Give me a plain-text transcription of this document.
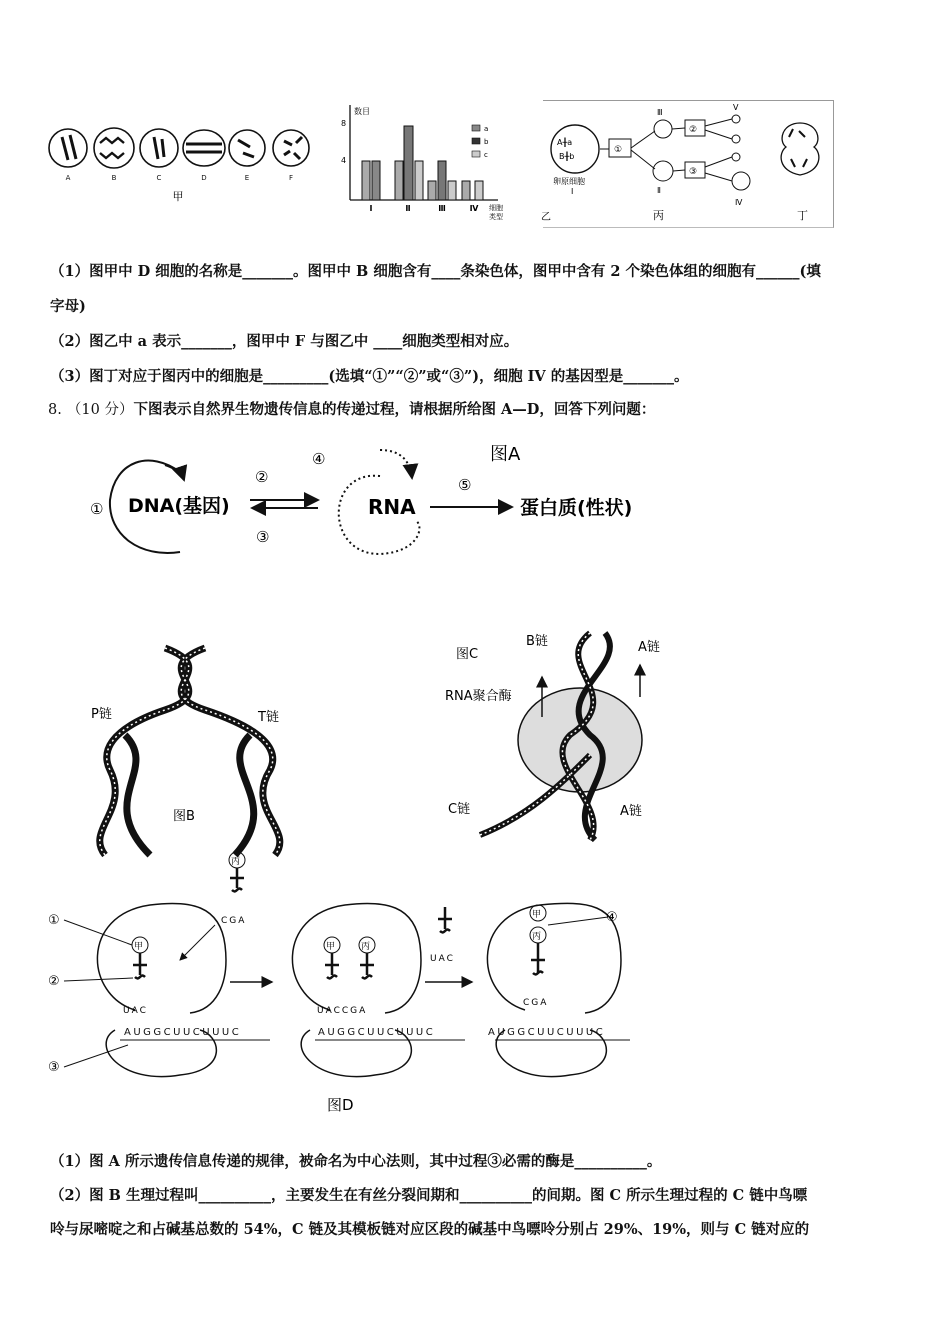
A	B	C	D	E	F
甲
数目
8
4
Ⅰ	Ⅱ	Ⅲ	Ⅳ 细胞
类型
a
b
c
乙
A╫a
B╫b
卵原细胞
Ⅰ
①
Ⅲ
Ⅱ
②
③
Ⅴ
Ⅳ
丙	丁
（1）图甲中 D 细胞的名称是_______。图甲中 B 细胞含有____条染色体，图甲中含有 2 个染色体组的细胞有______(填
字母)
（2）图乙中 a 表示_______，图甲中 F 与图乙中 ____细胞类型相对应。
（3）图丁对应于图丙中的细胞是_________(选填“①”“②”或“③”)，细胞 IV 的基因型是_______。
8. （10 分）下图表示自然界生物遗传信息的传递过程，请根据所给图 A—D，回答下列问题：
① DNA(基因)
②
③
④
RNA
⑤
蛋白质(性状)
图A
P链	T链
图B
图C
B链	A链
RNA聚合酶
C链	A链
AUGGCUUCUUUC	AUGGCUUCUUUC	AUGGCUUCUUUC
丙
CGA
甲
UAC
甲	丙
UACCGA
UAC
甲
丙
CGA
①
②
③
④
图D
（1）图 A 所示遗传信息传递的规律，被命名为中心法则，其中过程③必需的酶是__________。
（2）图 B 生理过程叫__________，主要发生在有丝分裂间期和__________的间期。图 C 所示生理过程的 C 链中鸟嘌
呤与尿嘧啶之和占碱基总数的 54%，C 链及其模板链对应区段的碱基中鸟嘌呤分别占 29%、19%，则与 C 链对应的
